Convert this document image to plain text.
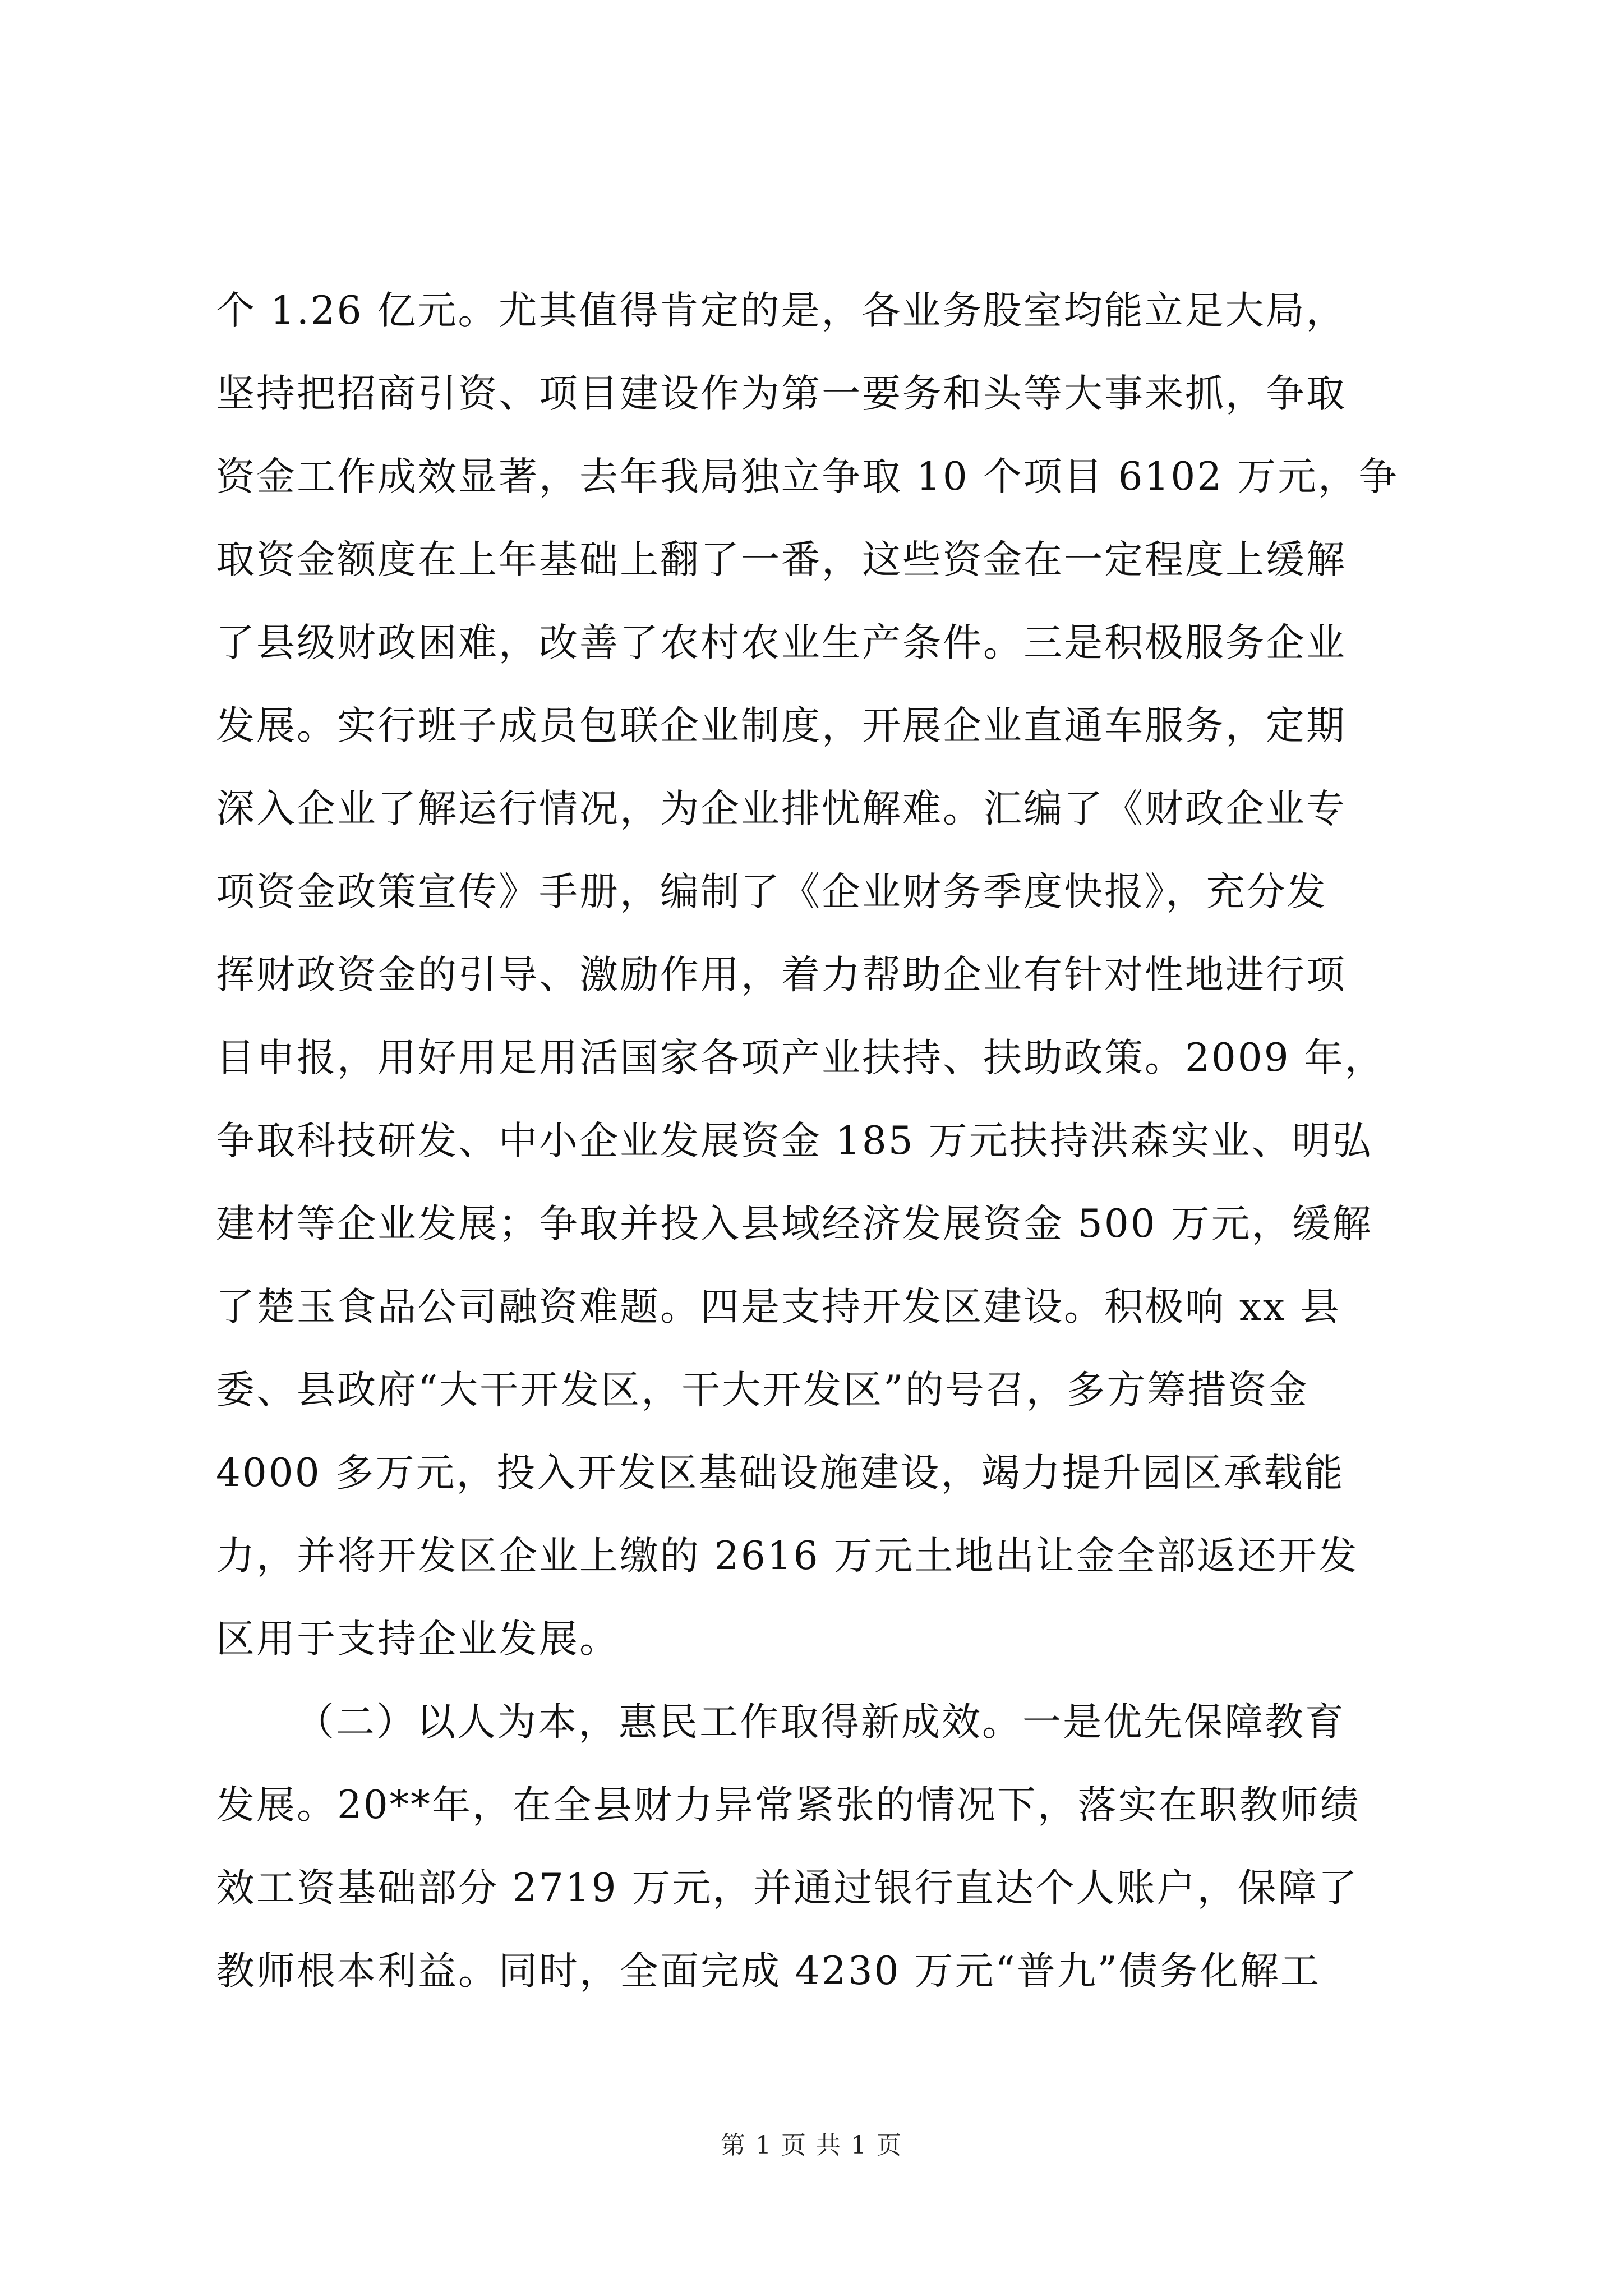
个 1.26 亿元。尤其值得肯定的是，各业务股室均能立足大局，
坚持把招商引资、项目建设作为第一要务和头等大事来抓，争取
资金工作成效显著，去年我局独立争取 10 个项目 6102 万元，争
取资金额度在上年基础上翻了一番，这些资金在一定程度上缓解
了县级财政困难，改善了农村农业生产条件。三是积极服务企业
发展。实行班子成员包联企业制度，开展企业直通车服务，定期
深入企业了解运行情况，为企业排忧解难。汇编了《财政企业专
项资金政策宣传》手册，编制了《企业财务季度快报》，充分发
挥财政资金的引导、激励作用，着力帮助企业有针对性地进行项
目申报，用好用足用活国家各项产业扶持、扶助政策。2009 年，
争取科技研发、中小企业发展资金 185 万元扶持洪森实业、明弘
建材等企业发展；争取并投入县域经济发展资金 500 万元，缓解
了楚玉食品公司融资难题。四是支持开发区建设。积极响 xx 县
委、县政府“大干开发区，干大开发区”的号召，多方筹措资金
4000 多万元，投入开发区基础设施建设，竭力提升园区承载能
力，并将开发区企业上缴的 2616 万元土地出让金全部返还开发
区用于支持企业发展。
（二）以人为本，惠民工作取得新成效。一是优先保障教育
发展。20**年，在全县财力异常紧张的情况下，落实在职教师绩
效工资基础部分 2719 万元，并通过银行直达个人账户，保障了
教师根本利益。同时，全面完成 4230 万元“普九”债务化解工
第 1 页 共 1 页
